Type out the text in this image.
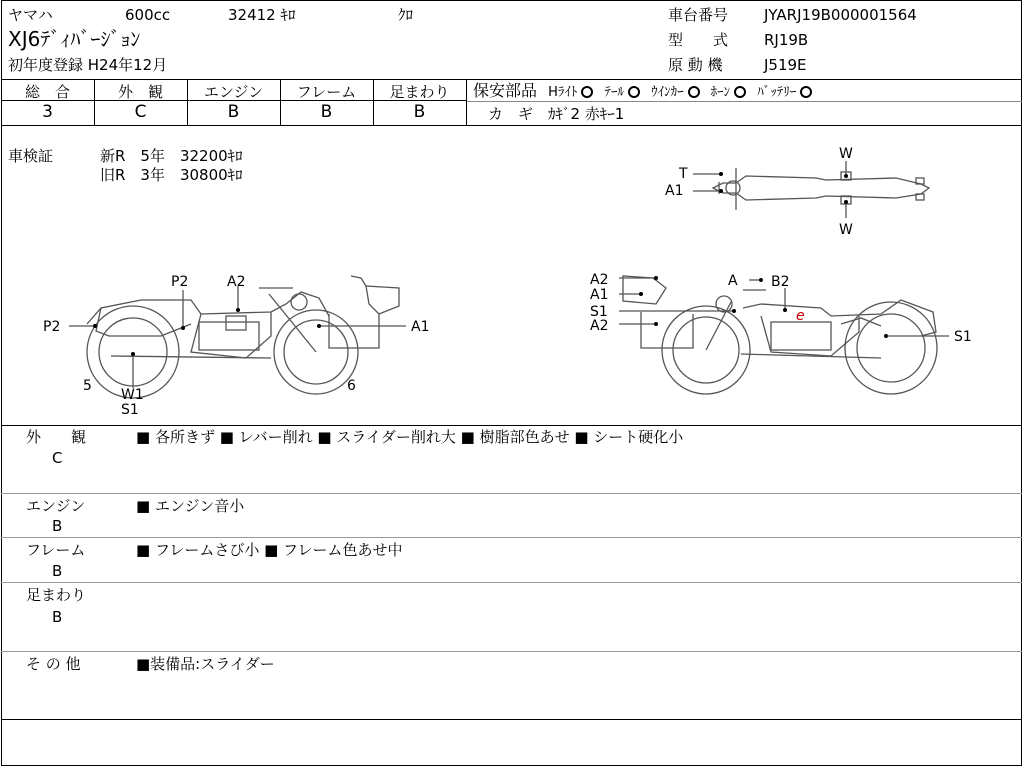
ヤマハ	600cc	32412 ｷﾛ	ｸﾛ
XJ6ﾃﾞｨﾊﾞｰｼﾞｮﾝ
初年度登録 H24年12月
車台番号 JYARJ19B000001564
型　　式 RJ19B
原 動 機	J519E
総　合	外　観	エンジン	フレーム	足まわり
3	C	B	B	B
保安部品 Hﾗｲﾄ ﾃｰﾙ ｳｲﾝｶｰ ﾎｰﾝ ﾊﾞｯﾃﾘｰ
カ　ギ　ｶｷﾞ2 赤ｷｰ1
車検証	新R　5年　32200ｷﾛ
旧R　3年　30800ｷﾛ	T
A1
W
W
P2
P2	A2
A1
5
W1
S1
6
A2
A1
S1
A2
A B2
S1
e
外　　観
C
■ 各所きず ■ レバー削れ ■ スライダー削れ大 ■ 樹脂部色あせ ■ シート硬化小
エンジン
B
■ エンジン音小
フレーム
B
■ フレームさび小 ■ フレーム色あせ中
足まわり
B
そ の 他	■装備品:スライダー
